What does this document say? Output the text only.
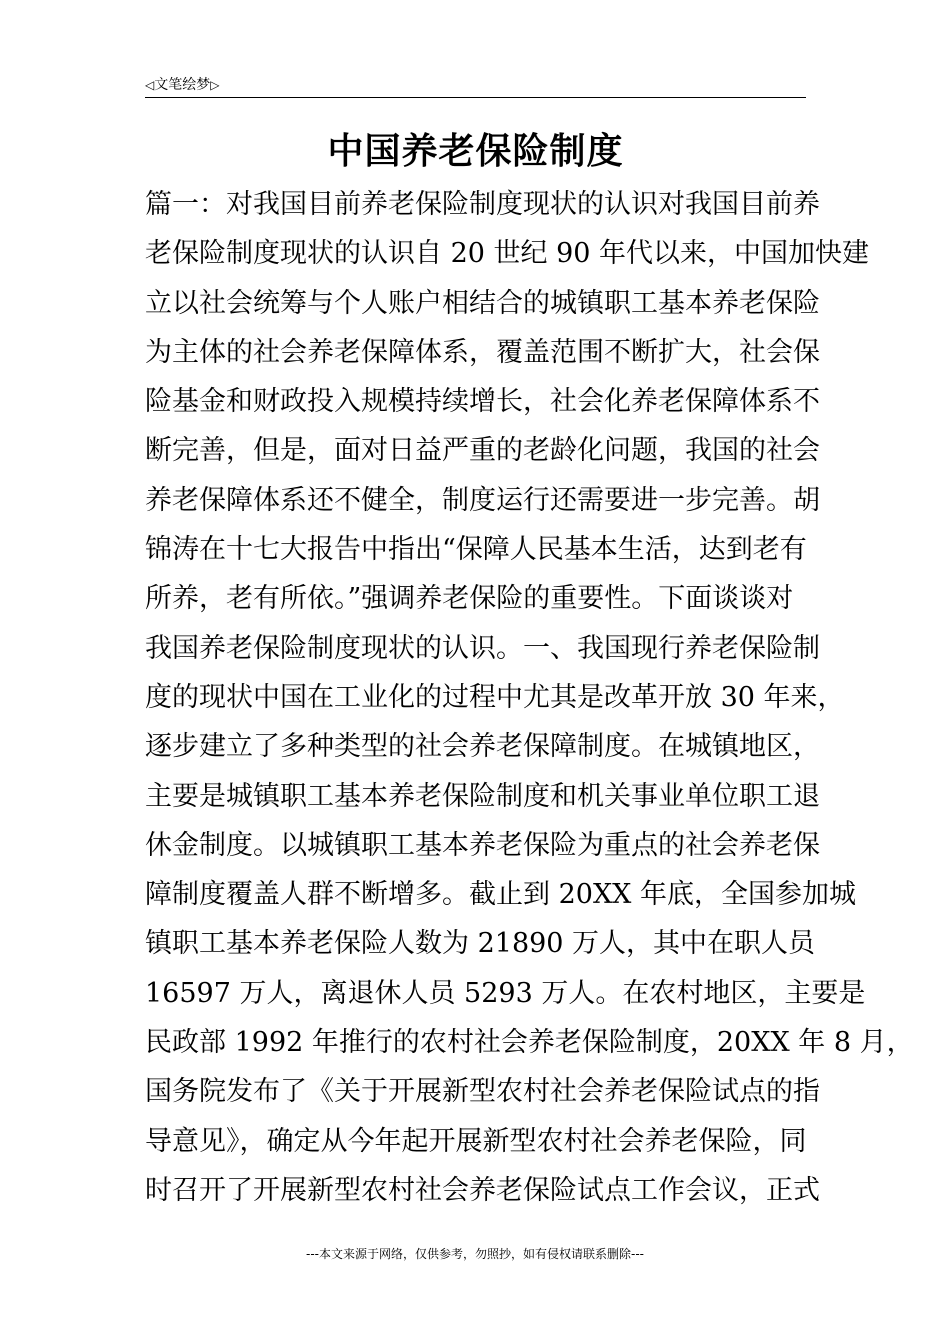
◁文笔绘梦▷
中国养老保险制度
篇一：对我国目前养老保险制度现状的认识对我国目前养
老保险制度现状的认识自 20 世纪 90 年代以来，中国加快建
立以社会统筹与个人账户相结合的城镇职工基本养老保险
为主体的社会养老保障体系，覆盖范围不断扩大，社会保
险基金和财政投入规模持续增长，社会化养老保障体系不
断完善，但是，面对日益严重的老龄化问题，我国的社会
养老保障体系还不健全，制度运行还需要进一步完善。胡
锦涛在十七大报告中指出“保障人民基本生活，达到老有
所养，老有所依。”强调养老保险的重要性。下面谈谈对
我国养老保险制度现状的认识。一、我国现行养老保险制
度的现状中国在工业化的过程中尤其是改革开放 30 年来，
逐步建立了多种类型的社会养老保障制度。在城镇地区，
主要是城镇职工基本养老保险制度和机关事业单位职工退
休金制度。以城镇职工基本养老保险为重点的社会养老保
障制度覆盖人群不断增多。截止到 20XX 年底，全国参加城
镇职工基本养老保险人数为 21890 万人，其中在职人员
16597 万人，离退休人员 5293 万人。在农村地区，主要是
民政部 1992 年推行的农村社会养老保险制度，20XX 年 8 月，
国务院发布了《关于开展新型农村社会养老保险试点的指
导意见》，确定从今年起开展新型农村社会养老保险，同
时召开了开展新型农村社会养老保险试点工作会议，正式
---本文来源于网络，仅供参考，勿照抄，如有侵权请联系删除---
